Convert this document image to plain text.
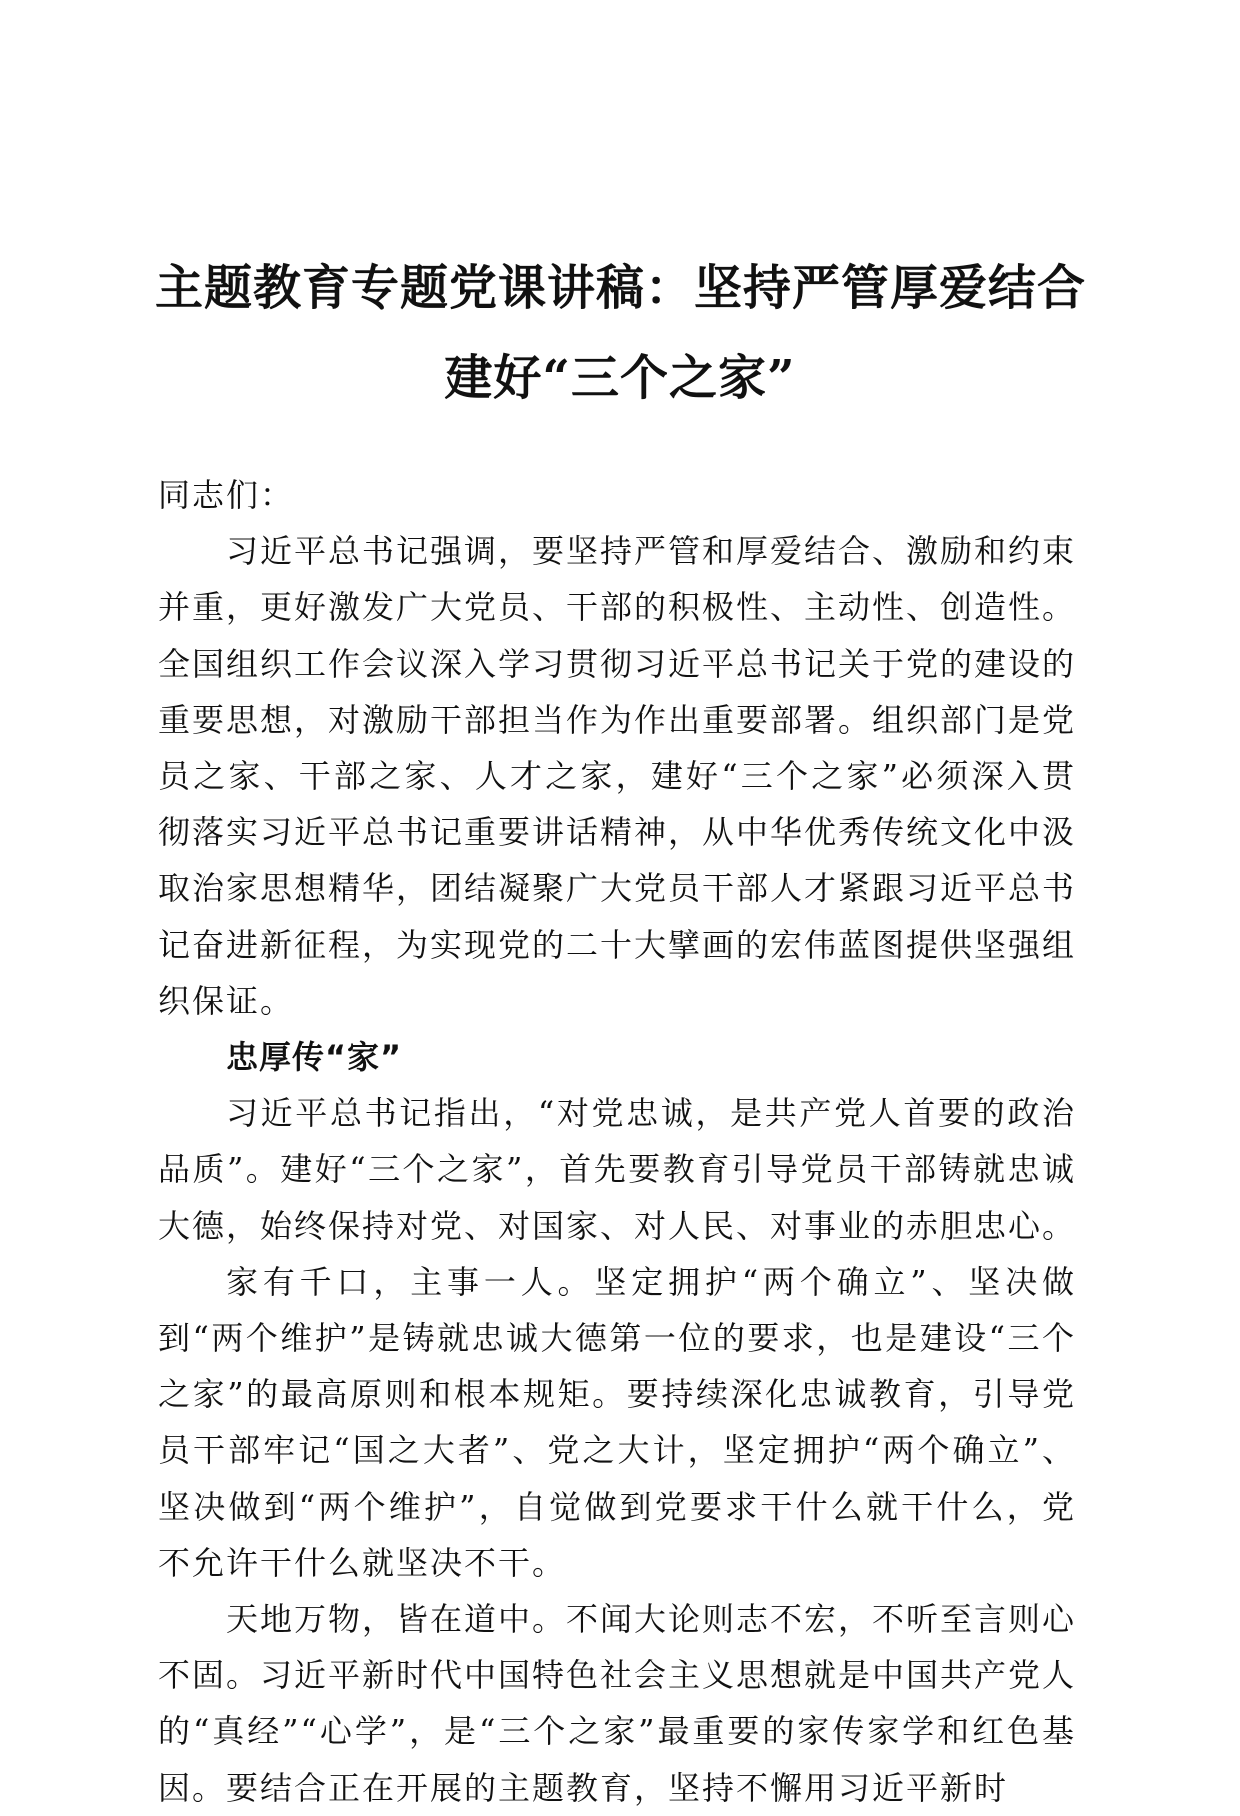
主题教育专题党课讲稿：坚持严管厚爱结合
建好“三个之家”

同志们：

习近平总书记强调，要坚持严管和厚爱结合、激励和约束并重，更好激发广大党员、干部的积极性、主动性、创造性。全国组织工作会议深入学习贯彻习近平总书记关于党的建设的重要思想，对激励干部担当作为作出重要部署。组织部门是党员之家、干部之家、人才之家，建好“三个之家”必须深入贯彻落实习近平总书记重要讲话精神，从中华优秀传统文化中汲取治家思想精华，团结凝聚广大党员干部人才紧跟习近平总书记奋进新征程，为实现党的二十大擘画的宏伟蓝图提供坚强组织保证。

忠厚传“家”

习近平总书记指出，“对党忠诚，是共产党人首要的政治品质”。建好“三个之家”，首先要教育引导党员干部铸就忠诚大德，始终保持对党、对国家、对人民、对事业的赤胆忠心。

家有千口，主事一人。坚定拥护“两个确立”、坚决做到“两个维护”是铸就忠诚大德第一位的要求，也是建设“三个之家”的最高原则和根本规矩。要持续深化忠诚教育，引导党员干部牢记“国之大者”、党之大计，坚定拥护“两个确立”、坚决做到“两个维护”，自觉做到党要求干什么就干什么，党不允许干什么就坚决不干。

天地万物，皆在道中。不闻大论则志不宏，不听至言则心不固。习近平新时代中国特色社会主义思想就是中国共产党人的“真经”“心学”，是“三个之家”最重要的家传家学和红色基因。要结合正在开展的主题教育，坚持不懈用习近平新时
